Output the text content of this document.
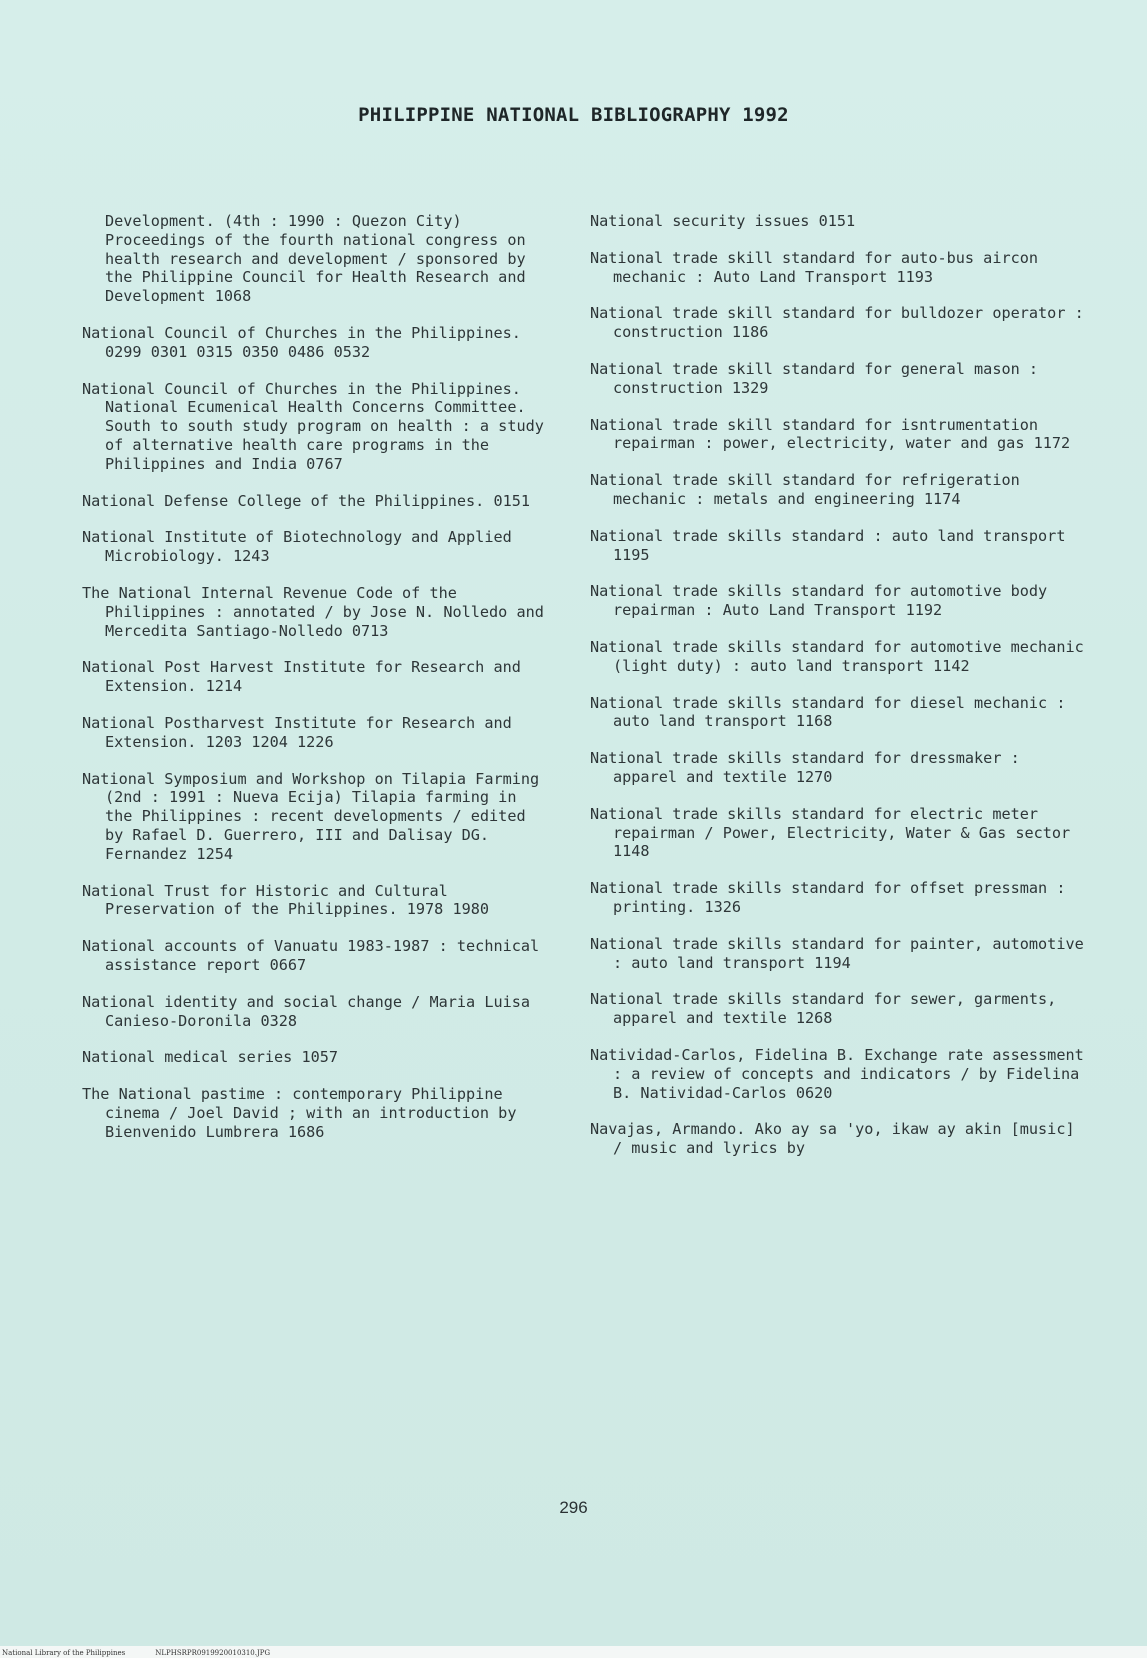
PHILIPPINE NATIONAL BIBLIOGRAPHY 1992
Development. (4th : 1990 : Quezon City) Proceedings of the fourth national congress on health research and development / sponsored by the Philippine Council for Health Research and Development 1068
National Council of Churches in the Philippines. 0299 0301 0315 0350 0486 0532
National Council of Churches in the Philippines. National Ecumenical Health Concerns Committee. South to south study program on health : a study of alternative health care programs in the Philippines and India 0767
National Defense College of the Philippines. 0151
National Institute of Biotechnology and Applied Microbiology. 1243
The National Internal Revenue Code of the Philippines : annotated / by Jose N. Nolledo and Mercedita Santiago-Nolledo 0713
National Post Harvest Institute for Research and Extension. 1214
National Postharvest Institute for Research and Extension. 1203 1204 1226
National Symposium and Workshop on Tilapia Farming (2nd : 1991 : Nueva Ecija) Tilapia farming in the Philippines : recent developments / edited by Rafael D. Guerrero, III and Dalisay DG. Fernandez 1254
National Trust for Historic and Cultural Preservation of the Philippines. 1978 1980
National accounts of Vanuatu 1983-1987 : technical assistance report 0667
National identity and social change / Maria Luisa Canieso-Doronila 0328
National medical series 1057
The National pastime : contemporary Philippine cinema / Joel David ; with an introduction by Bienvenido Lumbrera 1686
National security issues 0151
National trade skill standard for auto-bus aircon mechanic : Auto Land Transport 1193
National trade skill standard for bulldozer operator : construction 1186
National trade skill standard for general mason : construction 1329
National trade skill standard for isntrumentation repairman : power, electricity, water and gas 1172
National trade skill standard for refrigeration mechanic : metals and engineering 1174
National trade skills standard : auto land transport 1195
National trade skills standard for automotive body repairman : Auto Land Transport 1192
National trade skills standard for automotive mechanic (light duty) : auto land transport 1142
National trade skills standard for diesel mechanic : auto land transport 1168
National trade skills standard for dressmaker : apparel and textile 1270
National trade skills standard for electric meter repairman / Power, Electricity, Water & Gas sector 1148
National trade skills standard for offset pressman : printing. 1326
National trade skills standard for painter, automotive : auto land transport 1194
National trade skills standard for sewer, garments, apparel and textile 1268
Natividad-Carlos, Fidelina B. Exchange rate assessment : a review of concepts and indicators / by Fidelina B. Natividad-Carlos 0620
Navajas, Armando. Ako ay sa 'yo, ikaw ay akin [music] / music and lyrics by
296
National Library of the Philippines	NLPHSRPR0919920010310.JPG
